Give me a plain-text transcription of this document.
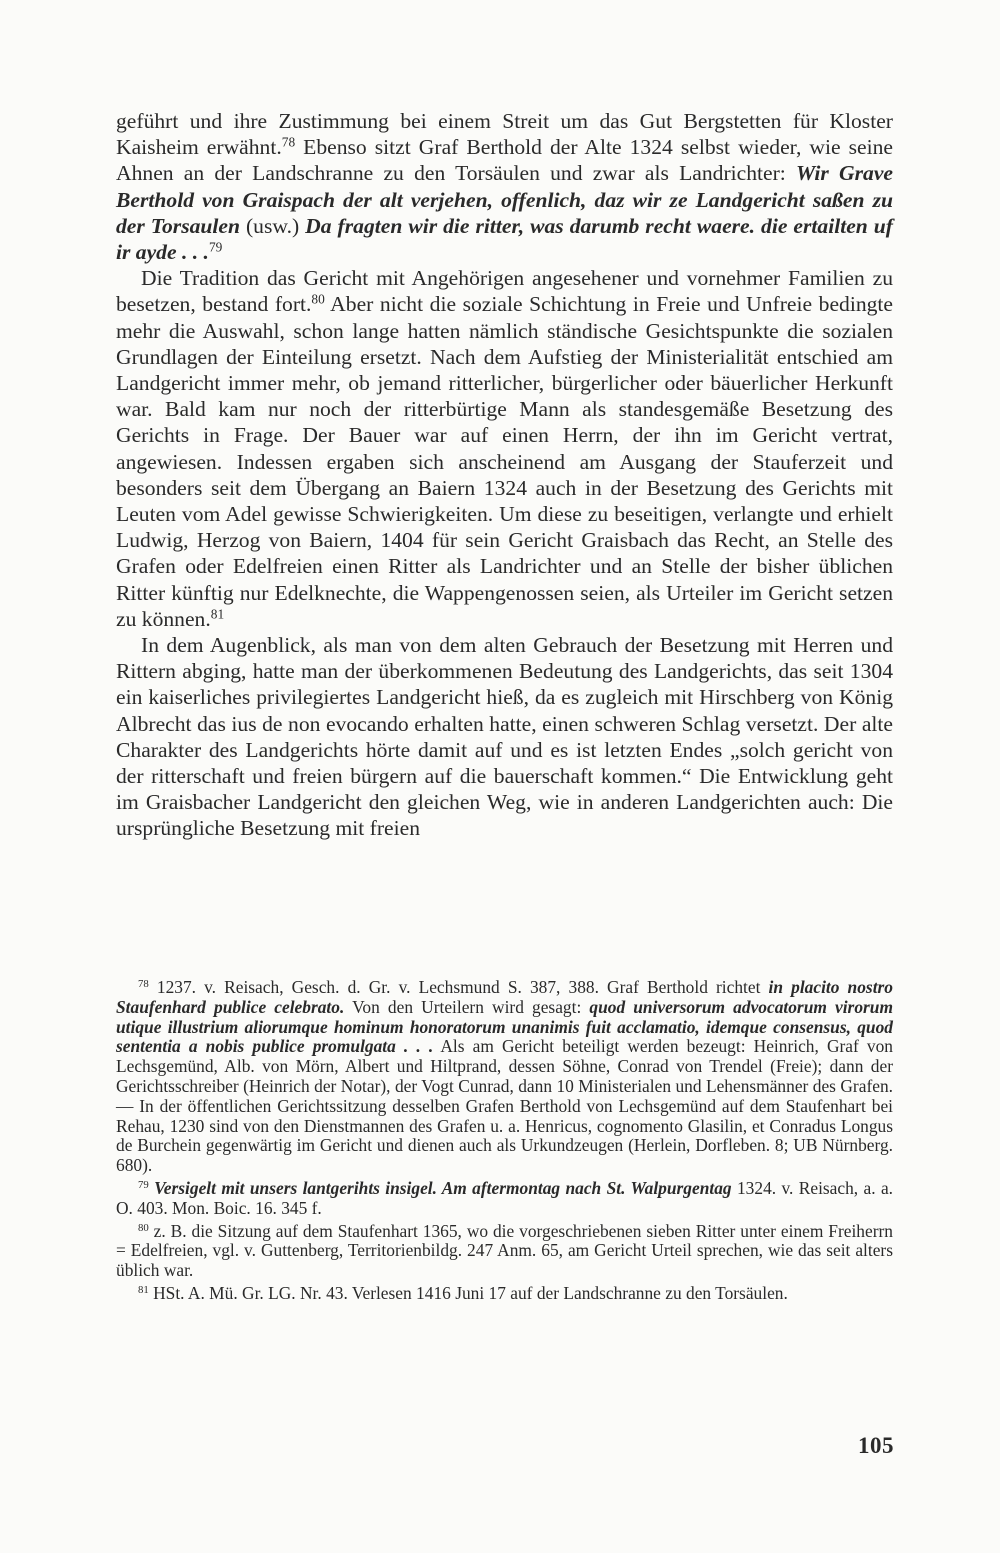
geführt und ihre Zustimmung bei einem Streit um das Gut Bergstetten für Kloster Kaisheim erwähnt.$^{78}$ Ebenso sitzt Graf Berthold der Alte 1324 selbst wieder, wie seine Ahnen an der Landschranne zu den Torsäulen und zwar als Landrichter: Wir Grave Berthold von Graispach der alt verjehen, offenlich, daz wir ze Landgericht saßen zu der Torsaulen (usw.) Da fragten wir die ritter, was darumb recht waere. die ertailten uf ir ayde . . .$^{79}$

Die Tradition das Gericht mit Angehörigen angesehener und vornehmer Familien zu besetzen, bestand fort.$^{80}$ Aber nicht die soziale Schichtung in Freie und Unfreie bedingte mehr die Auswahl, schon lange hatten nämlich ständische Gesichtspunkte die sozialen Grundlagen der Einteilung ersetzt. Nach dem Aufstieg der Ministerialität entschied am Landgericht immer mehr, ob jemand ritterlicher, bürgerlicher oder bäuerlicher Herkunft war. Bald kam nur noch der ritterbürtige Mann als standesgemäße Besetzung des Gerichts in Frage. Der Bauer war auf einen Herrn, der ihn im Gericht vertrat, angewiesen. Indessen ergaben sich anscheinend am Ausgang der Stauferzeit und besonders seit dem Übergang an Baiern 1324 auch in der Besetzung des Gerichts mit Leuten vom Adel gewisse Schwierigkeiten. Um diese zu beseitigen, verlangte und erhielt Ludwig, Herzog von Baiern, 1404 für sein Gericht Graisbach das Recht, an Stelle des Grafen oder Edelfreien einen Ritter als Landrichter und an Stelle der bisher üblichen Ritter künftig nur Edelknechte, die Wappengenossen seien, als Urteiler im Gericht setzen zu können.$^{81}$

In dem Augenblick, als man von dem alten Gebrauch der Besetzung mit Herren und Rittern abging, hatte man der überkommenen Bedeutung des Landgerichts, das seit 1304 ein kaiserliches privilegiertes Landgericht hieß, da es zugleich mit Hirschberg von König Albrecht das ius de non evocando erhalten hatte, einen schweren Schlag versetzt. Der alte Charakter des Landgerichts hörte damit auf und es ist letzten Endes „solch gericht von der ritterschaft und freien bürgern auf die bauerschaft kommen.“ Die Entwicklung geht im Graisbacher Landgericht den gleichen Weg, wie in anderen Landgerichten auch: Die ursprüngliche Besetzung mit freien

$^{78}$ 1237. v. Reisach, Gesch. d. Gr. v. Lechsmund S. 387, 388. Graf Berthold richtet in placito nostro Staufenhard publice celebrato. Von den Urteilern wird gesagt: quod universorum advocatorum virorum utique illustrium aliorumque hominum honoratorum unanimis fuit acclamatio, idemque consensus, quod sententia a nobis publice promulgata . . . Als am Gericht beteiligt werden bezeugt: Heinrich, Graf von Lechsgemünd, Alb. von Mörn, Albert und Hiltprand, dessen Söhne, Conrad von Trendel (Freie); dann der Gerichtsschreiber (Heinrich der Notar), der Vogt Cunrad, dann 10 Ministerialen und Lehensmänner des Grafen. — In der öffentlichen Gerichtssitzung desselben Grafen Berthold von Lechsgemünd auf dem Staufenhart bei Rehau, 1230 sind von den Dienstmannen des Grafen u. a. Henricus, cognomento Glasilin, et Conradus Longus de Burchein gegenwärtig im Gericht und dienen auch als Urkundzeugen (Herlein, Dorfleben. 8; UB Nürnberg. 680).

$^{79}$ Versigelt mit unsers lantgerihts insigel. Am aftermontag nach St. Walpurgentag 1324. v. Reisach, a. a. O. 403. Mon. Boic. 16. 345 f.

$^{80}$ z. B. die Sitzung auf dem Staufenhart 1365, wo die vorgeschriebenen sieben Ritter unter einem Freiherrn = Edelfreien, vgl. v. Guttenberg, Territorienbildg. 247 Anm. 65, am Gericht Urteil sprechen, wie das seit alters üblich war.

$^{81}$ HSt. A. Mü. Gr. LG. Nr. 43. Verlesen 1416 Juni 17 auf der Landschranne zu den Torsäulen.

105
